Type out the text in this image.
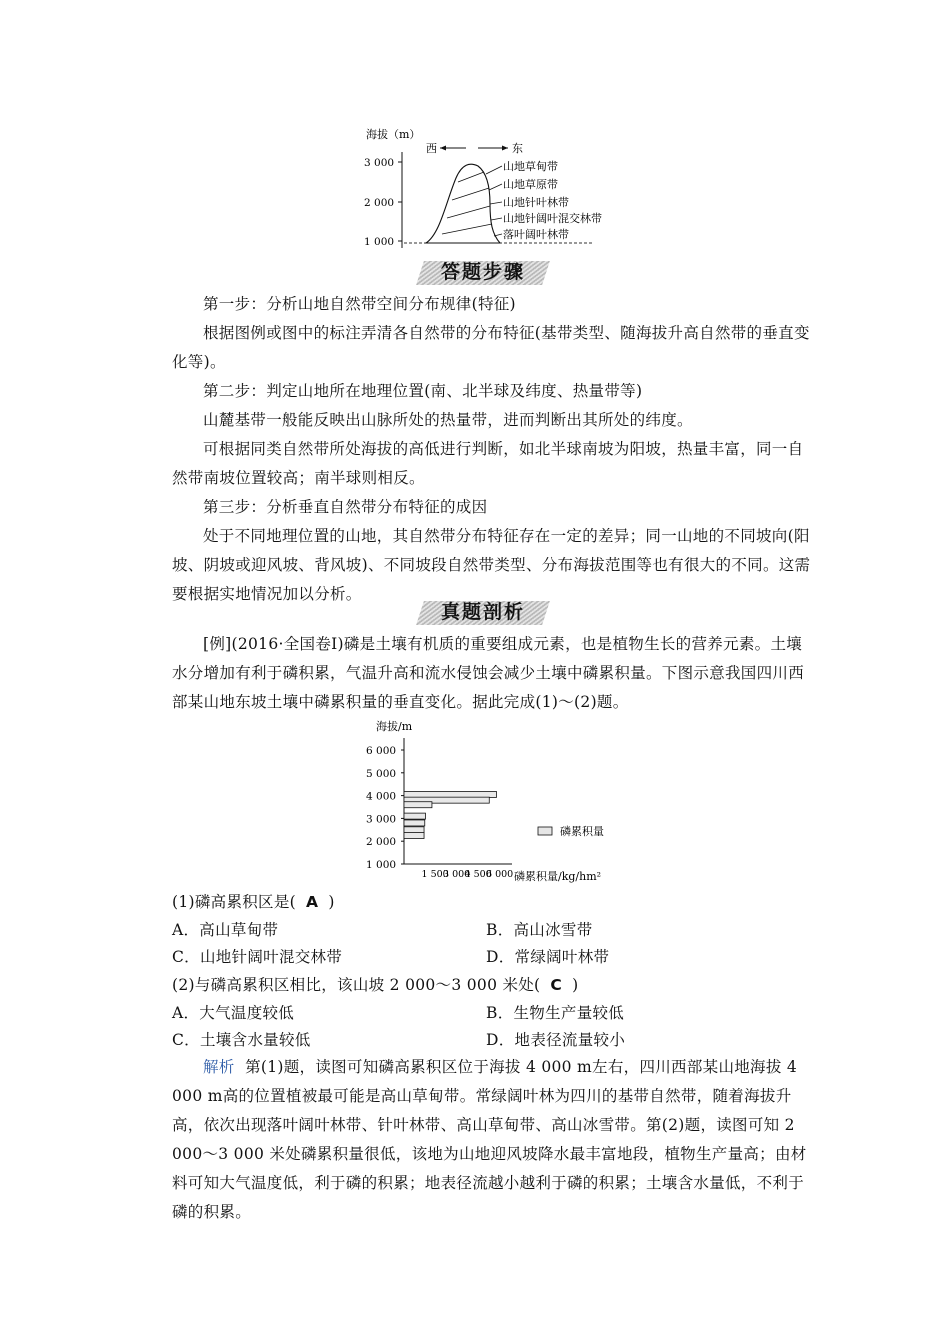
海拔（m）
3 000
2 000
1 000
西	东
山地草甸带
山地草原带
山地针叶林带
山地针阔叶混交林带
落叶阔叶林带
答题步骤
第一步：分析山地自然带空间分布规律(特征)
根据图例或图中的标注弄清各自然带的分布特征(基带类型、随海拔升高自然带的垂直变化等)。
第二步：判定山地所在地理位置(南、北半球及纬度、热量带等)
山麓基带一般能反映出山脉所处的热量带，进而判断出其所处的纬度。
可根据同类自然带所处海拔的高低进行判断，如北半球南坡为阳坡，热量丰富，同一自然带南坡位置较高；南半球则相反。
第三步：分析垂直自然带分布特征的成因
处于不同地理位置的山地，其自然带分布特征存在一定的差异；同一山地的不同坡向(阳坡、阴坡或迎风坡、背风坡)、不同坡段自然带类型、分布海拔范围等也有很大的不同。这需要根据实地情况加以分析。
真题剖析
[例](2016·全国卷Ⅰ)磷是土壤有机质的重要组成元素，也是植物生长的营养元素。土壤水分增加有利于磷积累，气温升高和流水侵蚀会减少土壤中磷累积量。下图示意我国四川西部某山地东坡土壤中磷累积量的垂直变化。据此完成(1)～(2)题。
海拔/m
磷累积量/kg/hm²
6 000
5 000
4 000
3 000
2 000
1 000
1 500
3 000
4 500
6 000
磷累积量
(1)磷高累积区是( A )
A．高山草甸带	B．高山冰雪带
C．山地针阔叶混交林带	D．常绿阔叶林带
(2)与磷高累积区相比，该山坡 2 000～3 000 米处( C )
A．大气温度较低	B．生物生产量较低
C．土壤含水量较低	D．地表径流量较小
解析 第(1)题，读图可知磷高累积区位于海拔 4 000 m左右，四川西部某山地海拔 4 000 m高的位置植被最可能是高山草甸带。常绿阔叶林为四川的基带自然带，随着海拔升高，依次出现落叶阔叶林带、针叶林带、高山草甸带、高山冰雪带。第(2)题，读图可知 2 000～3 000 米处磷累积量很低，该地为山地迎风坡降水最丰富地段，植物生产量高；由材料可知大气温度低，利于磷的积累；地表径流越小越利于磷的积累；土壤含水量低，不利于磷的积累。
